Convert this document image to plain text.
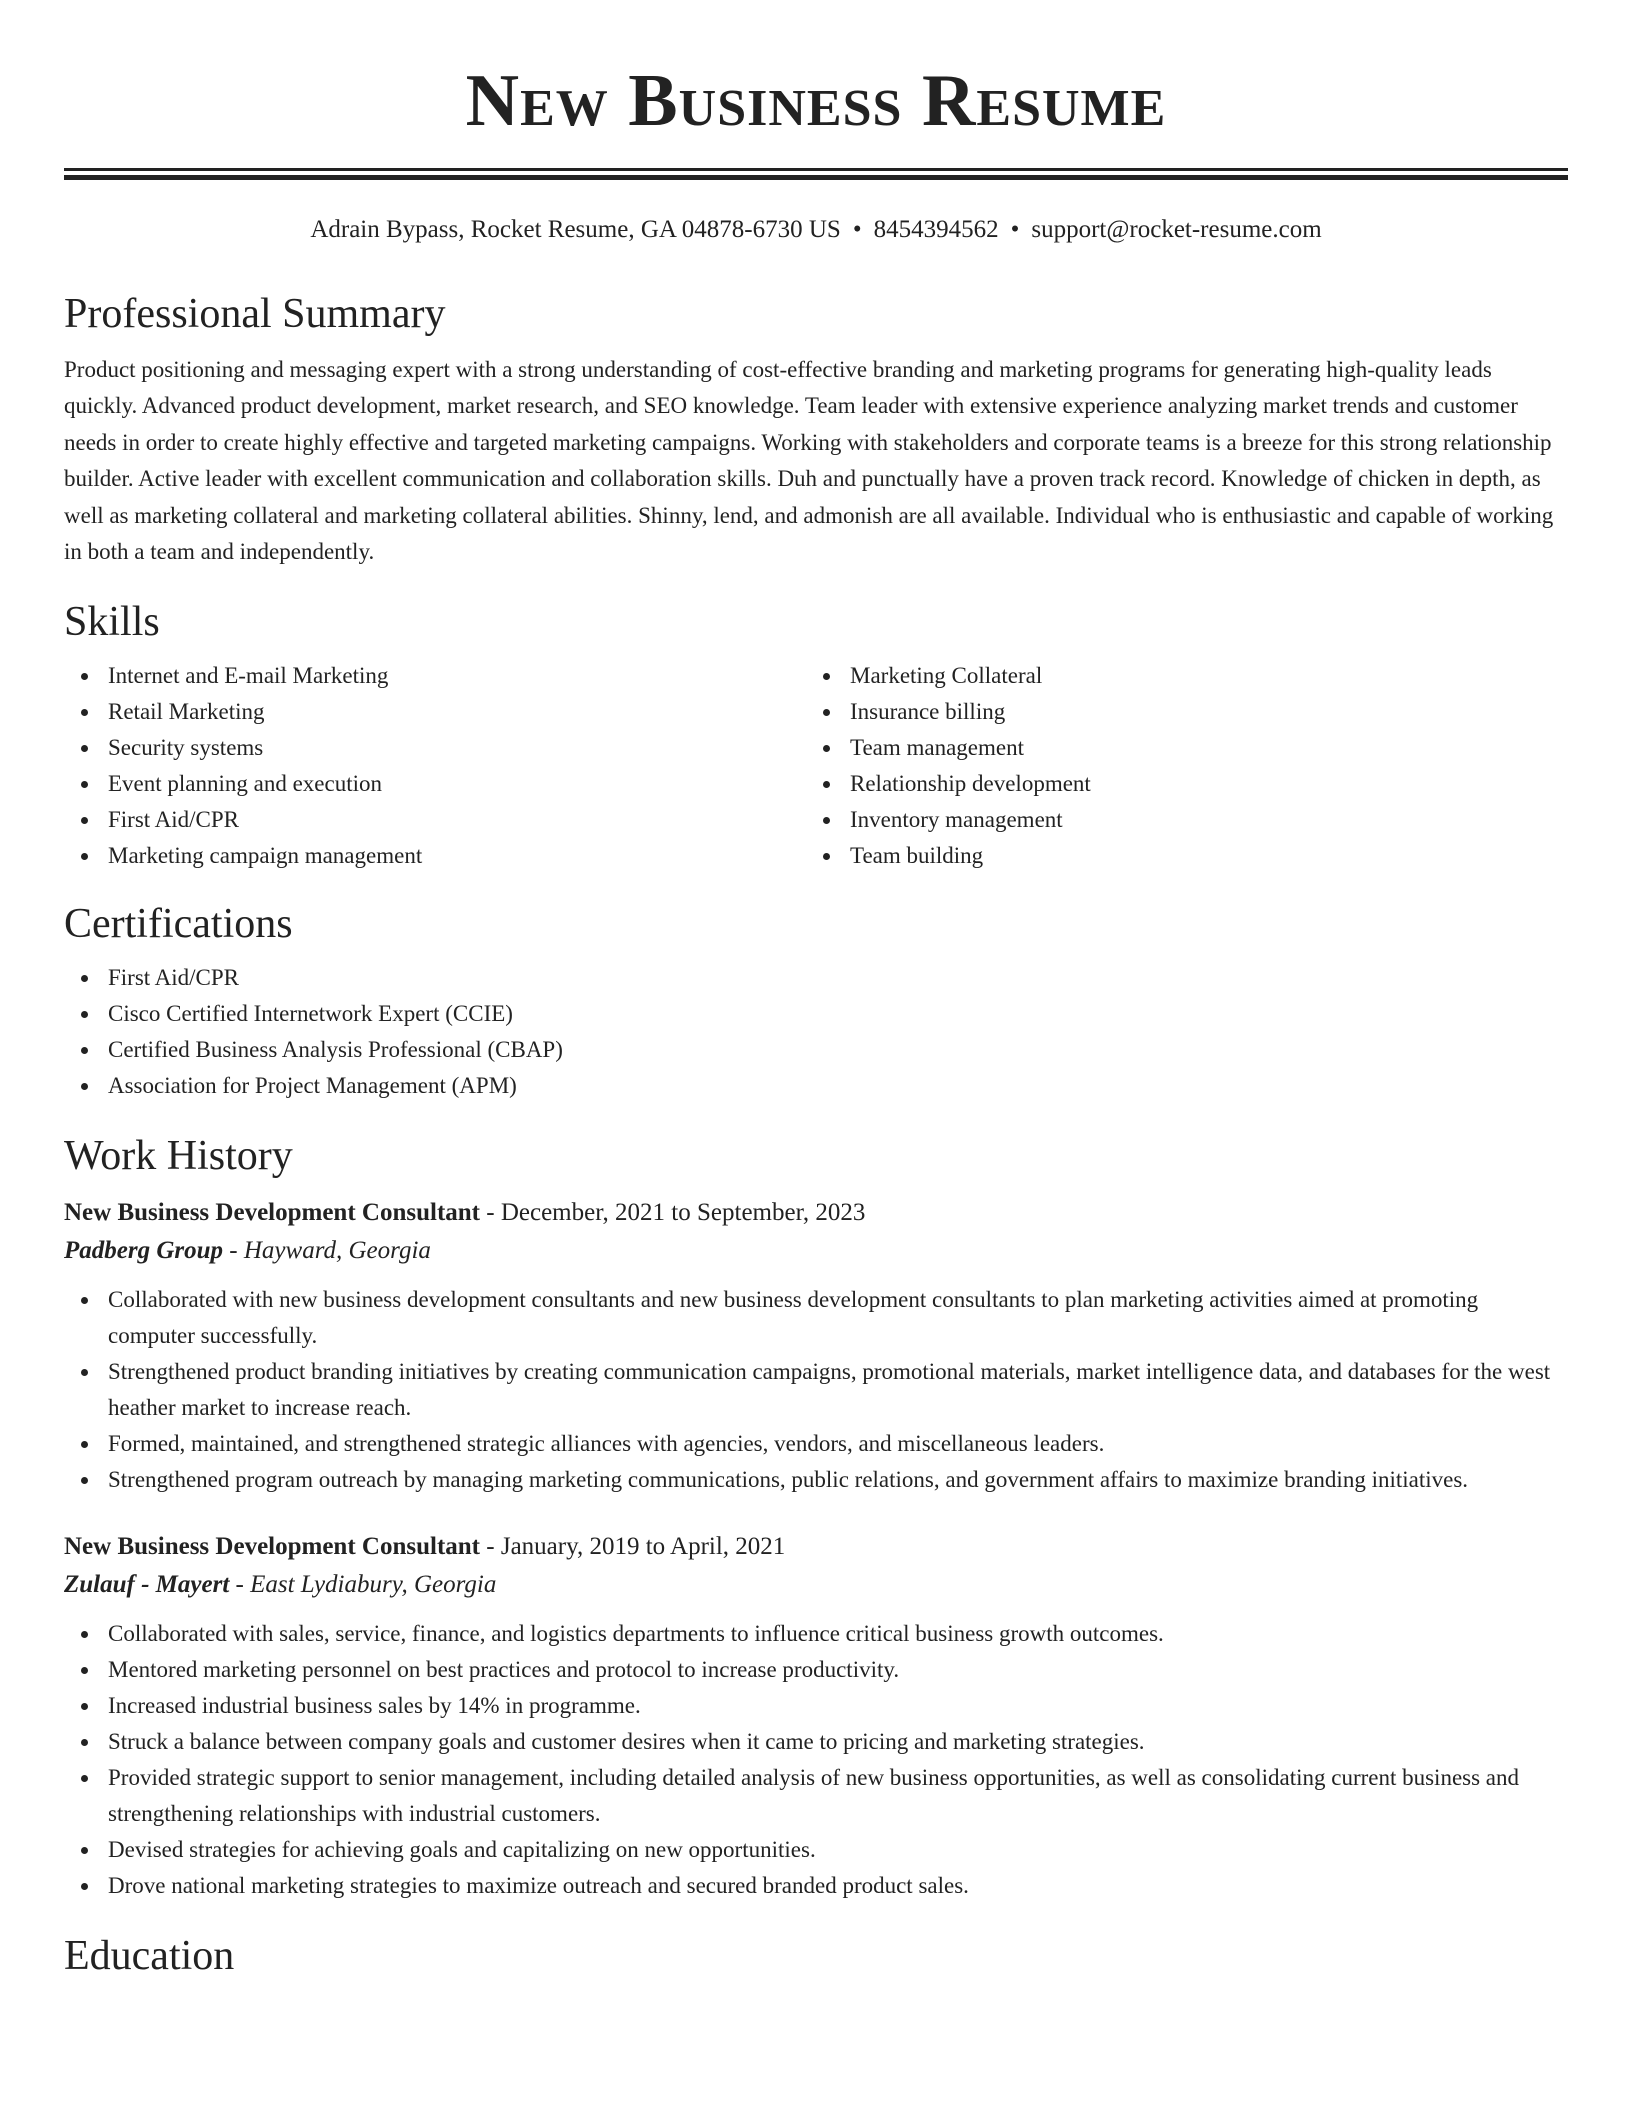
New Business Resume
Adrain Bypass, Rocket Resume, GA 04878-6730 US • 8454394562 • support@rocket-resume.com
Professional Summary

Product positioning and messaging expert with a strong understanding of cost-effective branding and marketing programs for generating high-quality leads quickly. Advanced product development, market research, and SEO knowledge. Team leader with extensive experience analyzing market trends and customer needs in order to create highly effective and targeted marketing campaigns. Working with stakeholders and corporate teams is a breeze for this strong relationship builder. Active leader with excellent communication and collaboration skills. Duh and punctually have a proven track record. Knowledge of chicken in depth, as well as marketing collateral and marketing collateral abilities. Shinny, lend, and admonish are all available. Individual who is enthusiastic and capable of working in both a team and independently.

Skills
Internet and E-mail Marketing
Retail Marketing
Security systems
Event planning and execution
First Aid/CPR
Marketing campaign management
Marketing Collateral
Insurance billing
Team management
Relationship development
Inventory management
Team building
Certifications
First Aid/CPR
Cisco Certified Internetwork Expert (CCIE)
Certified Business Analysis Professional (CBAP)
Association for Project Management (APM)
Work History
New Business Development Consultant - December, 2021 to September, 2023
Padberg Group - Hayward, Georgia
Collaborated with new business development consultants and new business development consultants to plan marketing activities aimed at promoting computer successfully.
Strengthened product branding initiatives by creating communication campaigns, promotional materials, market intelligence data, and databases for the west heather market to increase reach.
Formed, maintained, and strengthened strategic alliances with agencies, vendors, and miscellaneous leaders.
Strengthened program outreach by managing marketing communications, public relations, and government affairs to maximize branding initiatives.
New Business Development Consultant - January, 2019 to April, 2021
Zulauf - Mayert - East Lydiabury, Georgia
Collaborated with sales, service, finance, and logistics departments to influence critical business growth outcomes.
Mentored marketing personnel on best practices and protocol to increase productivity.
Increased industrial business sales by 14% in programme.
Struck a balance between company goals and customer desires when it came to pricing and marketing strategies.
Provided strategic support to senior management, including detailed analysis of new business opportunities, as well as consolidating current business and strengthening relationships with industrial customers.
Devised strategies for achieving goals and capitalizing on new opportunities.
Drove national marketing strategies to maximize outreach and secured branded product sales.
Education
